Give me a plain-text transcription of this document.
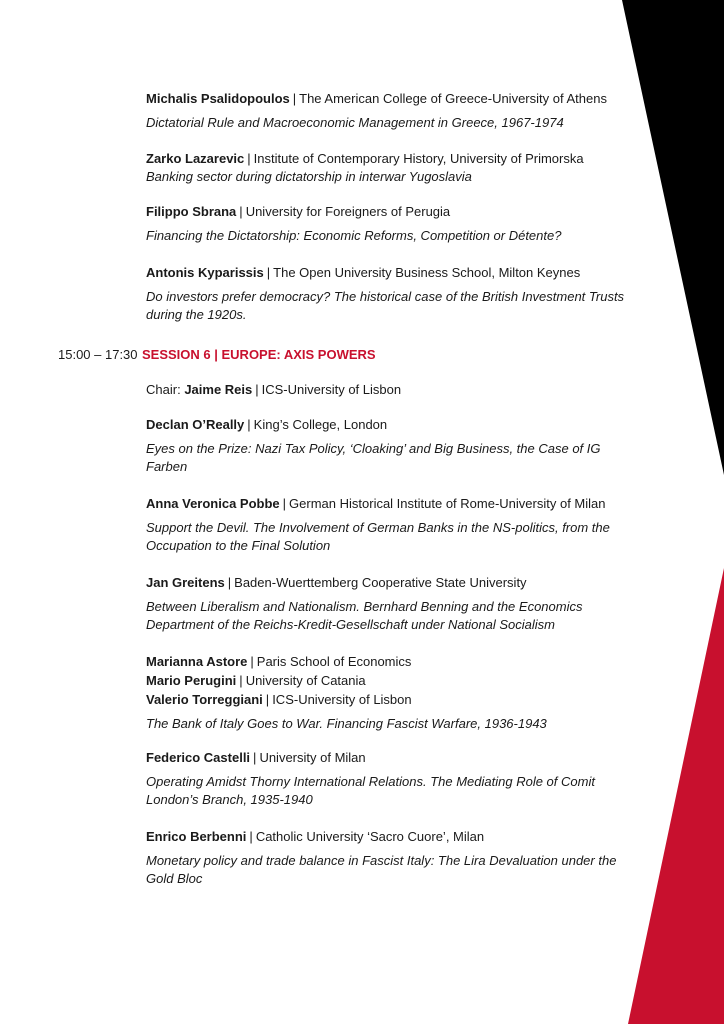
Michalis Psalidopoulos | The American College of Greece-University of Athens
Dictatorial Rule and Macroeconomic Management in Greece, 1967-1974
Zarko Lazarevic | Institute of Contemporary History, University of Primorska
Banking sector during dictatorship in interwar Yugoslavia
Filippo Sbrana | University for Foreigners of Perugia
Financing the Dictatorship: Economic Reforms, Competition or Détente?
Antonis Kyparissis | The Open University Business School, Milton Keynes
Do investors prefer democracy? The historical case of the British Investment Trusts during the 1920s.
15:00 – 17:30 SESSION 6 | EUROPE: AXIS POWERS
Chair: Jaime Reis | ICS-University of Lisbon
Declan O’Really | King’s College, London
Eyes on the Prize: Nazi Tax Policy, ‘Cloaking’ and Big Business, the Case of IG Farben
Anna Veronica Pobbe | German Historical Institute of Rome-University of Milan
Support the Devil. The Involvement of German Banks in the NS-politics, from the Occupation to the Final Solution
Jan Greitens | Baden-Wuerttemberg Cooperative State University
Between Liberalism and Nationalism. Bernhard Benning and the Economics Department of the Reichs-Kredit-Gesellschaft under National Socialism
Marianna Astore | Paris School of Economics
Mario Perugini | University of Catania
Valerio Torreggiani | ICS-University of Lisbon
The Bank of Italy Goes to War. Financing Fascist Warfare, 1936-1943
Federico Castelli | University of Milan
Operating Amidst Thorny International Relations. The Mediating Role of Comit London’s Branch, 1935-1940
Enrico Berbenni | Catholic University ‘Sacro Cuore’, Milan
Monetary policy and trade balance in Fascist Italy: The Lira Devaluation under the Gold Bloc
